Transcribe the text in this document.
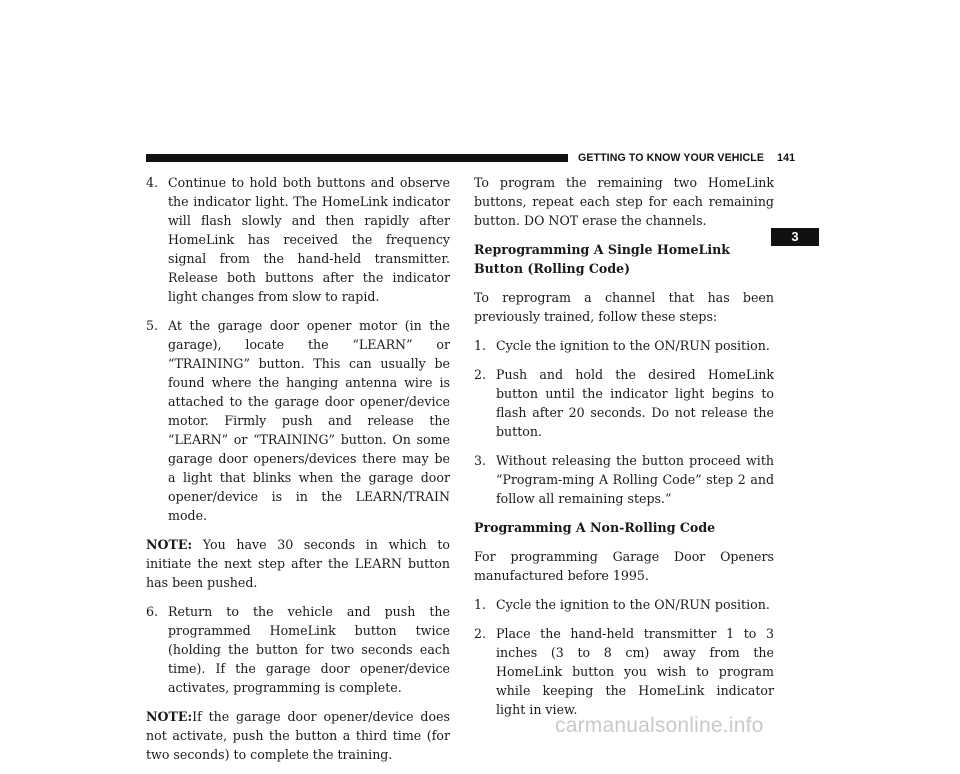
GETTING TO KNOW YOUR VEHICLE 141
3

4. Continue to hold both buttons and observe the indicator light. The HomeLink indicator will flash slowly and then rapidly after HomeLink has received the frequency signal from the hand-held transmitter. Release both buttons after the indicator light changes from slow to rapid.

5. At the garage door opener motor (in the garage), locate the “LEARN” or “TRAINING” button. This can usually be found where the hanging antenna wire is attached to the garage door opener/device motor. Firmly push and release the “LEARN” or “TRAINING” button. On some garage door openers/devices there may be a light that blinks when the garage door opener/device is in the LEARN/TRAIN mode.

NOTE: You have 30 seconds in which to initiate the next step after the LEARN button has been pushed.

6. Return to the vehicle and push the programmed HomeLink button twice (holding the button for two seconds each time). If the garage door opener/device activates, programming is complete.

NOTE:If the garage door opener/device does not activate, push the button a third time (for two seconds) to complete the training.

To program the remaining two HomeLink buttons, repeat each step for each remaining button. DO NOT erase the channels.

Reprogramming A Single HomeLink Button (Rolling Code)

To reprogram a channel that has been previously trained, follow these steps:

1. Cycle the ignition to the ON/RUN position.

2. Push and hold the desired HomeLink button until the indicator light begins to flash after 20 seconds. Do not release the button.

3. Without releasing the button proceed with “Program-ming A Rolling Code” step 2 and follow all remaining steps.”

Programming A Non-Rolling Code

For programming Garage Door Openers manufactured before 1995.

1. Cycle the ignition to the ON/RUN position.

2. Place the hand-held transmitter 1 to 3 inches (3 to 8 cm) away from the HomeLink button you wish to program while keeping the HomeLink indicator light in view.

carmanualsonline.info
